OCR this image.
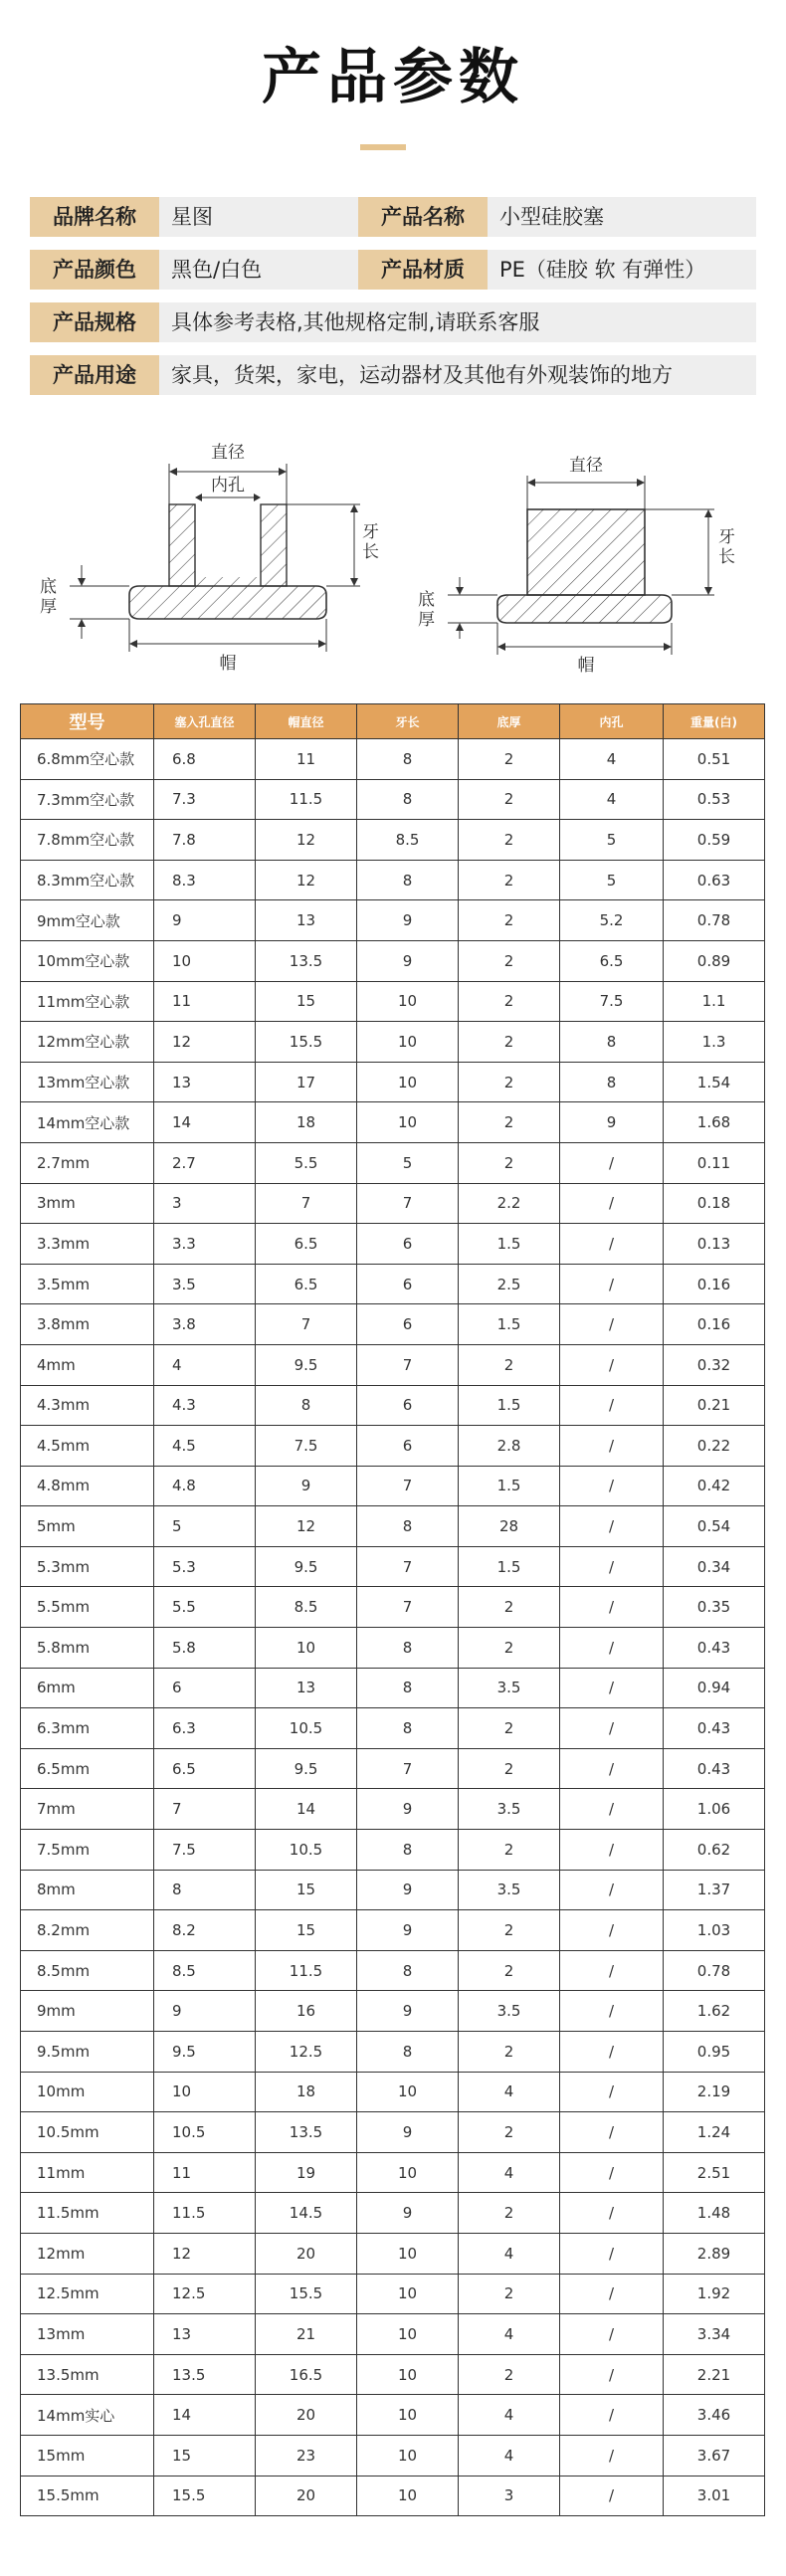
产品参数
品牌名称	星图	产品名称	小型硅胶塞
产品颜色	黑色/白色	产品材质	PE（硅胶 软 有弹性）
产品规格	具体参考表格,其他规格定制,请联系客服
产品用途	家具，货架，家电，运动器材及其他有外观装饰的地方
直径
内孔
牙长
底厚
帽
直径
牙长
底厚
帽
型号	塞入孔直径	帽直径	牙长	底厚	内孔	重量(白)
6.8mm空心款	6.8	11	8	2	4	0.51
7.3mm空心款	7.3	11.5	8	2	4	0.53
7.8mm空心款	7.8	12	8.5	2	5	0.59
8.3mm空心款	8.3	12	8	2	5	0.63
9mm空心款	9	13	9	2	5.2	0.78
10mm空心款	10	13.5	9	2	6.5	0.89
11mm空心款	11	15	10	2	7.5	1.1
12mm空心款	12	15.5	10	2	8	1.3
13mm空心款	13	17	10	2	8	1.54
14mm空心款	14	18	10	2	9	1.68
2.7mm	2.7	5.5	5	2	/	0.11
3mm	3	7	7	2.2	/	0.18
3.3mm	3.3	6.5	6	1.5	/	0.13
3.5mm	3.5	6.5	6	2.5	/	0.16
3.8mm	3.8	7	6	1.5	/	0.16
4mm	4	9.5	7	2	/	0.32
4.3mm	4.3	8	6	1.5	/	0.21
4.5mm	4.5	7.5	6	2.8	/	0.22
4.8mm	4.8	9	7	1.5	/	0.42
5mm	5	12	8	28	/	0.54
5.3mm	5.3	9.5	7	1.5	/	0.34
5.5mm	5.5	8.5	7	2	/	0.35
5.8mm	5.8	10	8	2	/	0.43
6mm	6	13	8	3.5	/	0.94
6.3mm	6.3	10.5	8	2	/	0.43
6.5mm	6.5	9.5	7	2	/	0.43
7mm	7	14	9	3.5	/	1.06
7.5mm	7.5	10.5	8	2	/	0.62
8mm	8	15	9	3.5	/	1.37
8.2mm	8.2	15	9	2	/	1.03
8.5mm	8.5	11.5	8	2	/	0.78
9mm	9	16	9	3.5	/	1.62
9.5mm	9.5	12.5	8	2	/	0.95
10mm	10	18	10	4	/	2.19
10.5mm	10.5	13.5	9	2	/	1.24
11mm	11	19	10	4	/	2.51
11.5mm	11.5	14.5	9	2	/	1.48
12mm	12	20	10	4	/	2.89
12.5mm	12.5	15.5	10	2	/	1.92
13mm	13	21	10	4	/	3.34
13.5mm	13.5	16.5	10	2	/	2.21
14mm实心	14	20	10	4	/	3.46
15mm	15	23	10	4	/	3.67
15.5mm	15.5	20	10	3	/	3.01
